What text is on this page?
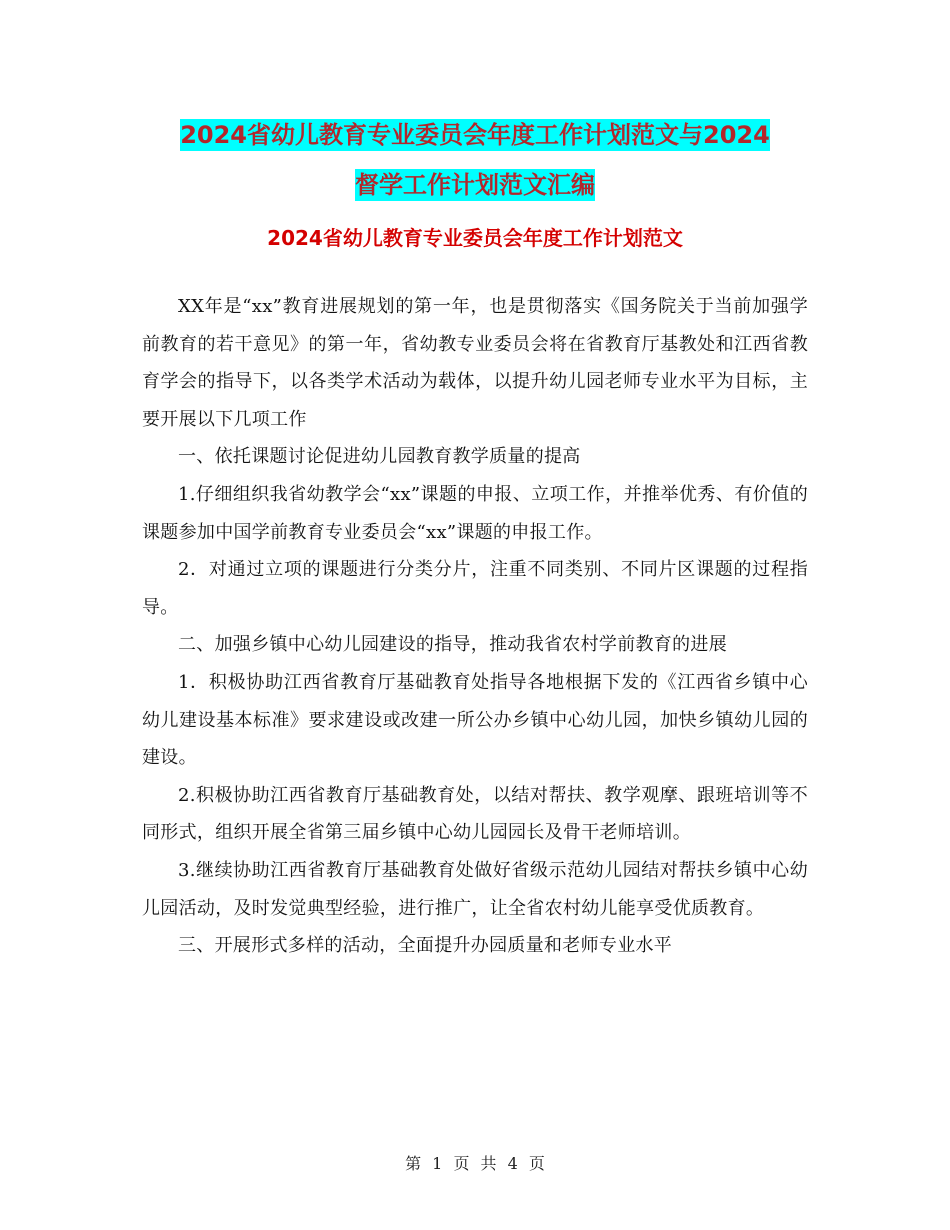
2024省幼儿教育专业委员会年度工作计划范文与2024
督学工作计划范文汇编
2024省幼儿教育专业委员会年度工作计划范文

XX年是“xx”教育进展规划的第一年，也是贯彻落实《国务院关于当前加强学前教育的若干意见》的第一年，省幼教专业委员会将在省教育厅基教处和江西省教育学会的指导下，以各类学术活动为载体，以提升幼儿园老师专业水平为目标，主要开展以下几项工作

一、依托课题讨论促进幼儿园教育教学质量的提高

1.仔细组织我省幼教学会“xx”课题的申报、立项工作，并推举优秀、有价值的课题参加中国学前教育专业委员会“xx”课题的申报工作。

2．对通过立项的课题进行分类分片，注重不同类别、不同片区课题的过程指导。

二、加强乡镇中心幼儿园建设的指导，推动我省农村学前教育的进展

1．积极协助江西省教育厅基础教育处指导各地根据下发的《江西省乡镇中心幼儿建设基本标准》要求建设或改建一所公办乡镇中心幼儿园，加快乡镇幼儿园的建设。

2.积极协助江西省教育厅基础教育处，以结对帮扶、教学观摩、跟班培训等不同形式，组织开展全省第三届乡镇中心幼儿园园长及骨干老师培训。

3.继续协助江西省教育厅基础教育处做好省级示范幼儿园结对帮扶乡镇中心幼儿园活动，及时发觉典型经验，进行推广，让全省农村幼儿能享受优质教育。

三、开展形式多样的活动，全面提升办园质量和老师专业水平

第 1 页 共 4 页
